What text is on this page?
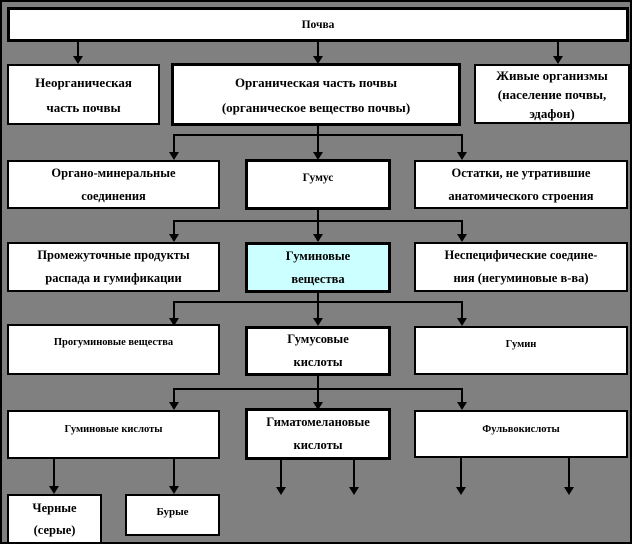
Почва
Неорганическая
часть почвы
Органическая часть почвы
(органическое вещество почвы)
Живые организмы
(население почвы,
эдафон)
Органо-минеральные
соединения
Гумус	Остатки, не утратившие
анатомического строения
Промежуточные продукты
распада и гумификации
Гуминовые
вещества
Неспецифические соедине-
ния (негуминовые в-ва)
Прогуминовые вещества	Гумусовые
кислоты
Гумин
Гуминовые кислоты
Гиматомелановые
кислоты
Фульвокислоты
Черные
(серые)
Бурые
